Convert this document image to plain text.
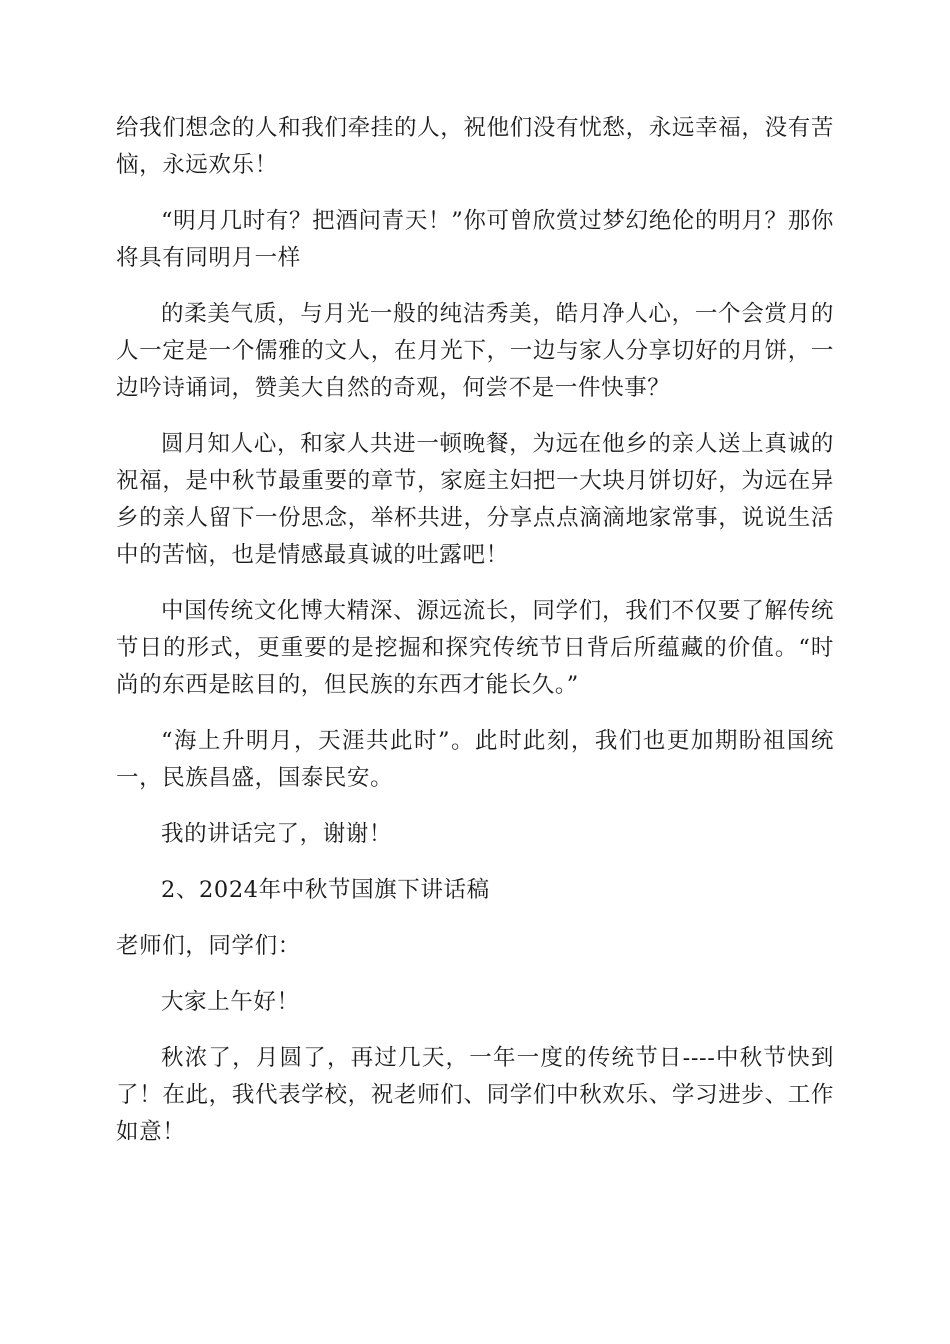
给我们想念的人和我们牵挂的人，祝他们没有忧愁，永远幸福，没有苦恼，永远欢乐！

“明月几时有？把酒问青天！”你可曾欣赏过梦幻绝伦的明月？那你将具有同明月一样

的柔美气质，与月光一般的纯洁秀美，皓月净人心，一个会赏月的人一定是一个儒雅的文人，在月光下，一边与家人分享切好的月饼，一边吟诗诵词，赞美大自然的奇观，何尝不是一件快事？

圆月知人心，和家人共进一顿晚餐，为远在他乡的亲人送上真诚的祝福，是中秋节最重要的章节，家庭主妇把一大块月饼切好，为远在异乡的亲人留下一份思念，举杯共进，分享点点滴滴地家常事，说说生活中的苦恼，也是情感最真诚的吐露吧！

中国传统文化博大精深、源远流长，同学们，我们不仅要了解传统节日的形式，更重要的是挖掘和探究传统节日背后所蕴藏的价值。“时尚的东西是眩目的，但民族的东西才能长久。”

“海上升明月，天涯共此时”。此时此刻，我们也更加期盼祖国统一，民族昌盛，国泰民安。

我的讲话完了，谢谢！

2、2024年中秋节国旗下讲话稿

老师们，同学们：

大家上午好！

秋浓了，月圆了，再过几天，一年一度的传统节日----中秋节快到了！在此，我代表学校，祝老师们、同学们中秋欢乐、学习进步、工作如意！
